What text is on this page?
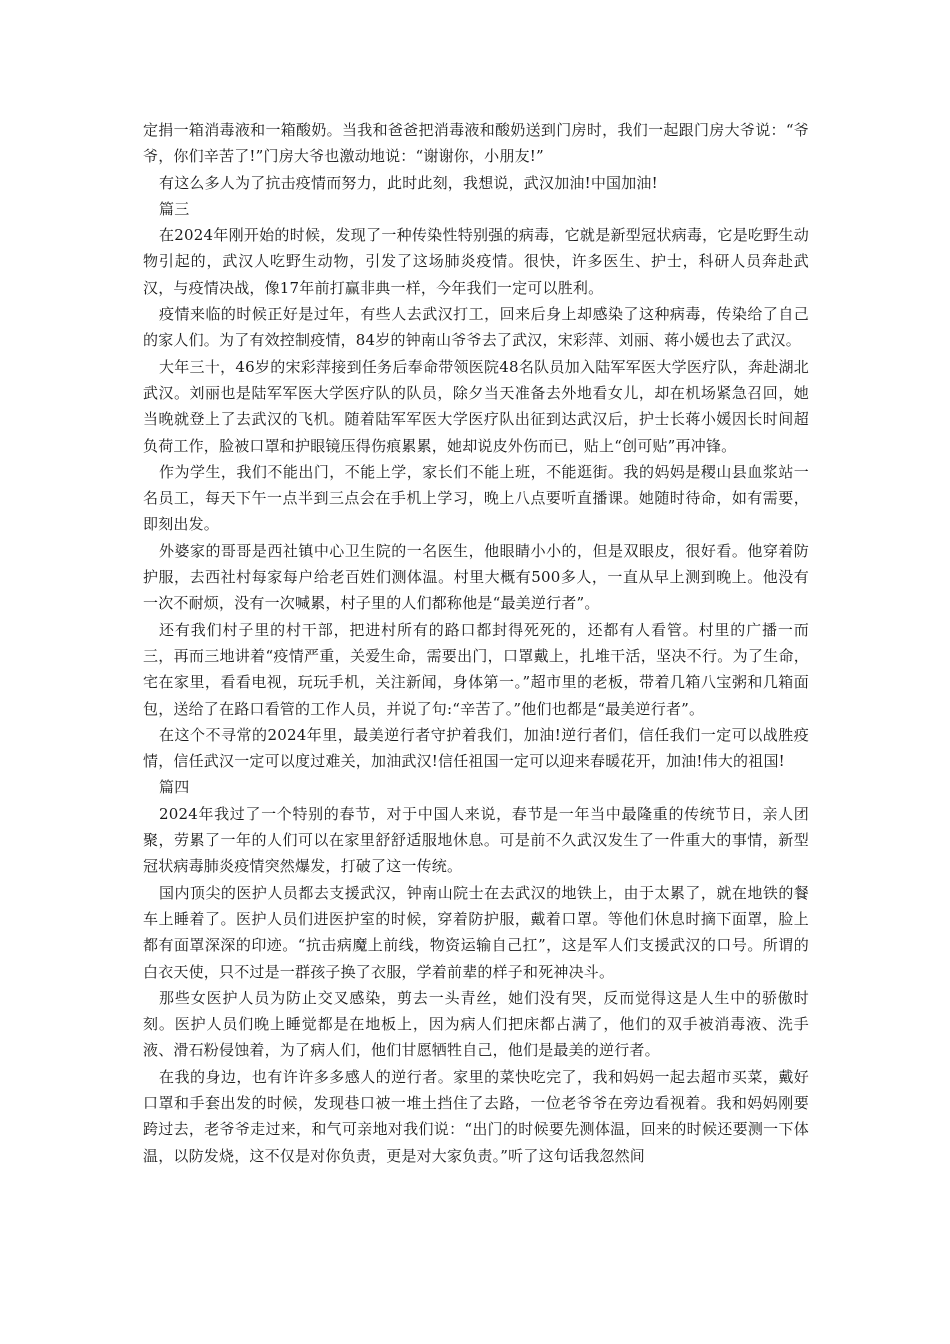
定捐一箱消毒液和一箱酸奶。当我和爸爸把消毒液和酸奶送到门房时，我们一起跟门房大爷说：“爷爷，你们辛苦了!”门房大爷也激动地说：“谢谢你，小朋友!”

有这么多人为了抗击疫情而努力，此时此刻，我想说，武汉加油!中国加油!

篇三

在2024年刚开始的时候，发现了一种传染性特别强的病毒，它就是新型冠状病毒，它是吃野生动物引起的，武汉人吃野生动物，引发了这场肺炎疫情。很快，许多医生、护士，科研人员奔赴武汉，与疫情决战，像17年前打赢非典一样，今年我们一定可以胜利。

疫情来临的时候正好是过年，有些人去武汉打工，回来后身上却感染了这种病毒，传染给了自己的家人们。为了有效控制疫情，84岁的钟南山爷爷去了武汉，宋彩萍、刘丽、蒋小媛也去了武汉。

大年三十，46岁的宋彩萍接到任务后奉命带领医院48名队员加入陆军军医大学医疗队，奔赴湖北武汉。刘丽也是陆军军医大学医疗队的队员，除夕当天准备去外地看女儿，却在机场紧急召回，她当晚就登上了去武汉的飞机。随着陆军军医大学医疗队出征到达武汉后，护士长蒋小媛因长时间超负荷工作，脸被口罩和护眼镜压得伤痕累累，她却说皮外伤而已，贴上“创可贴”再冲锋。

作为学生，我们不能出门，不能上学，家长们不能上班，不能逛街。我的妈妈是稷山县血浆站一名员工，每天下午一点半到三点会在手机上学习，晚上八点要听直播课。她随时待命，如有需要，即刻出发。

外婆家的哥哥是西社镇中心卫生院的一名医生，他眼睛小小的，但是双眼皮，很好看。他穿着防护服，去西社村每家每户给老百姓们测体温。村里大概有500多人，一直从早上测到晚上。他没有一次不耐烦，没有一次喊累，村子里的人们都称他是“最美逆行者”。

还有我们村子里的村干部，把进村所有的路口都封得死死的，还都有人看管。村里的广播一而三，再而三地讲着“疫情严重，关爱生命，需要出门，口罩戴上，扎堆干活，坚决不行。为了生命，宅在家里，看看电视，玩玩手机，关注新闻，身体第一。”超市里的老板，带着几箱八宝粥和几箱面包，送给了在路口看管的工作人员，并说了句:“辛苦了。”他们也都是“最美逆行者”。

在这个不寻常的2024年里，最美逆行者守护着我们，加油!逆行者们，信任我们一定可以战胜疫情，信任武汉一定可以度过难关，加油武汉!信任祖国一定可以迎来春暖花开，加油!伟大的祖国!

篇四

2024年我过了一个特别的春节，对于中国人来说，春节是一年当中最隆重的传统节日，亲人团聚，劳累了一年的人们可以在家里舒舒适服地休息。可是前不久武汉发生了一件重大的事情，新型冠状病毒肺炎疫情突然爆发，打破了这一传统。

国内顶尖的医护人员都去支援武汉，钟南山院士在去武汉的地铁上，由于太累了，就在地铁的餐车上睡着了。医护人员们进医护室的时候，穿着防护服，戴着口罩。等他们休息时摘下面罩，脸上都有面罩深深的印迹。“抗击病魔上前线，物资运输自己扛”，这是军人们支援武汉的口号。所谓的白衣天使，只不过是一群孩子换了衣服，学着前辈的样子和死神决斗。

那些女医护人员为防止交叉感染，剪去一头青丝，她们没有哭，反而觉得这是人生中的骄傲时刻。医护人员们晚上睡觉都是在地板上，因为病人们把床都占满了，他们的双手被消毒液、洗手液、滑石粉侵蚀着，为了病人们，他们甘愿牺牲自己，他们是最美的逆行者。

在我的身边，也有许许多多感人的逆行者。家里的菜快吃完了，我和妈妈一起去超市买菜，戴好口罩和手套出发的时候，发现巷口被一堆土挡住了去路，一位老爷爷在旁边看视着。我和妈妈刚要跨过去，老爷爷走过来，和气可亲地对我们说：“出门的时候要先测体温，回来的时候还要测一下体温，以防发烧，这不仅是对你负责，更是对大家负责。”听了这句话我忽然间
